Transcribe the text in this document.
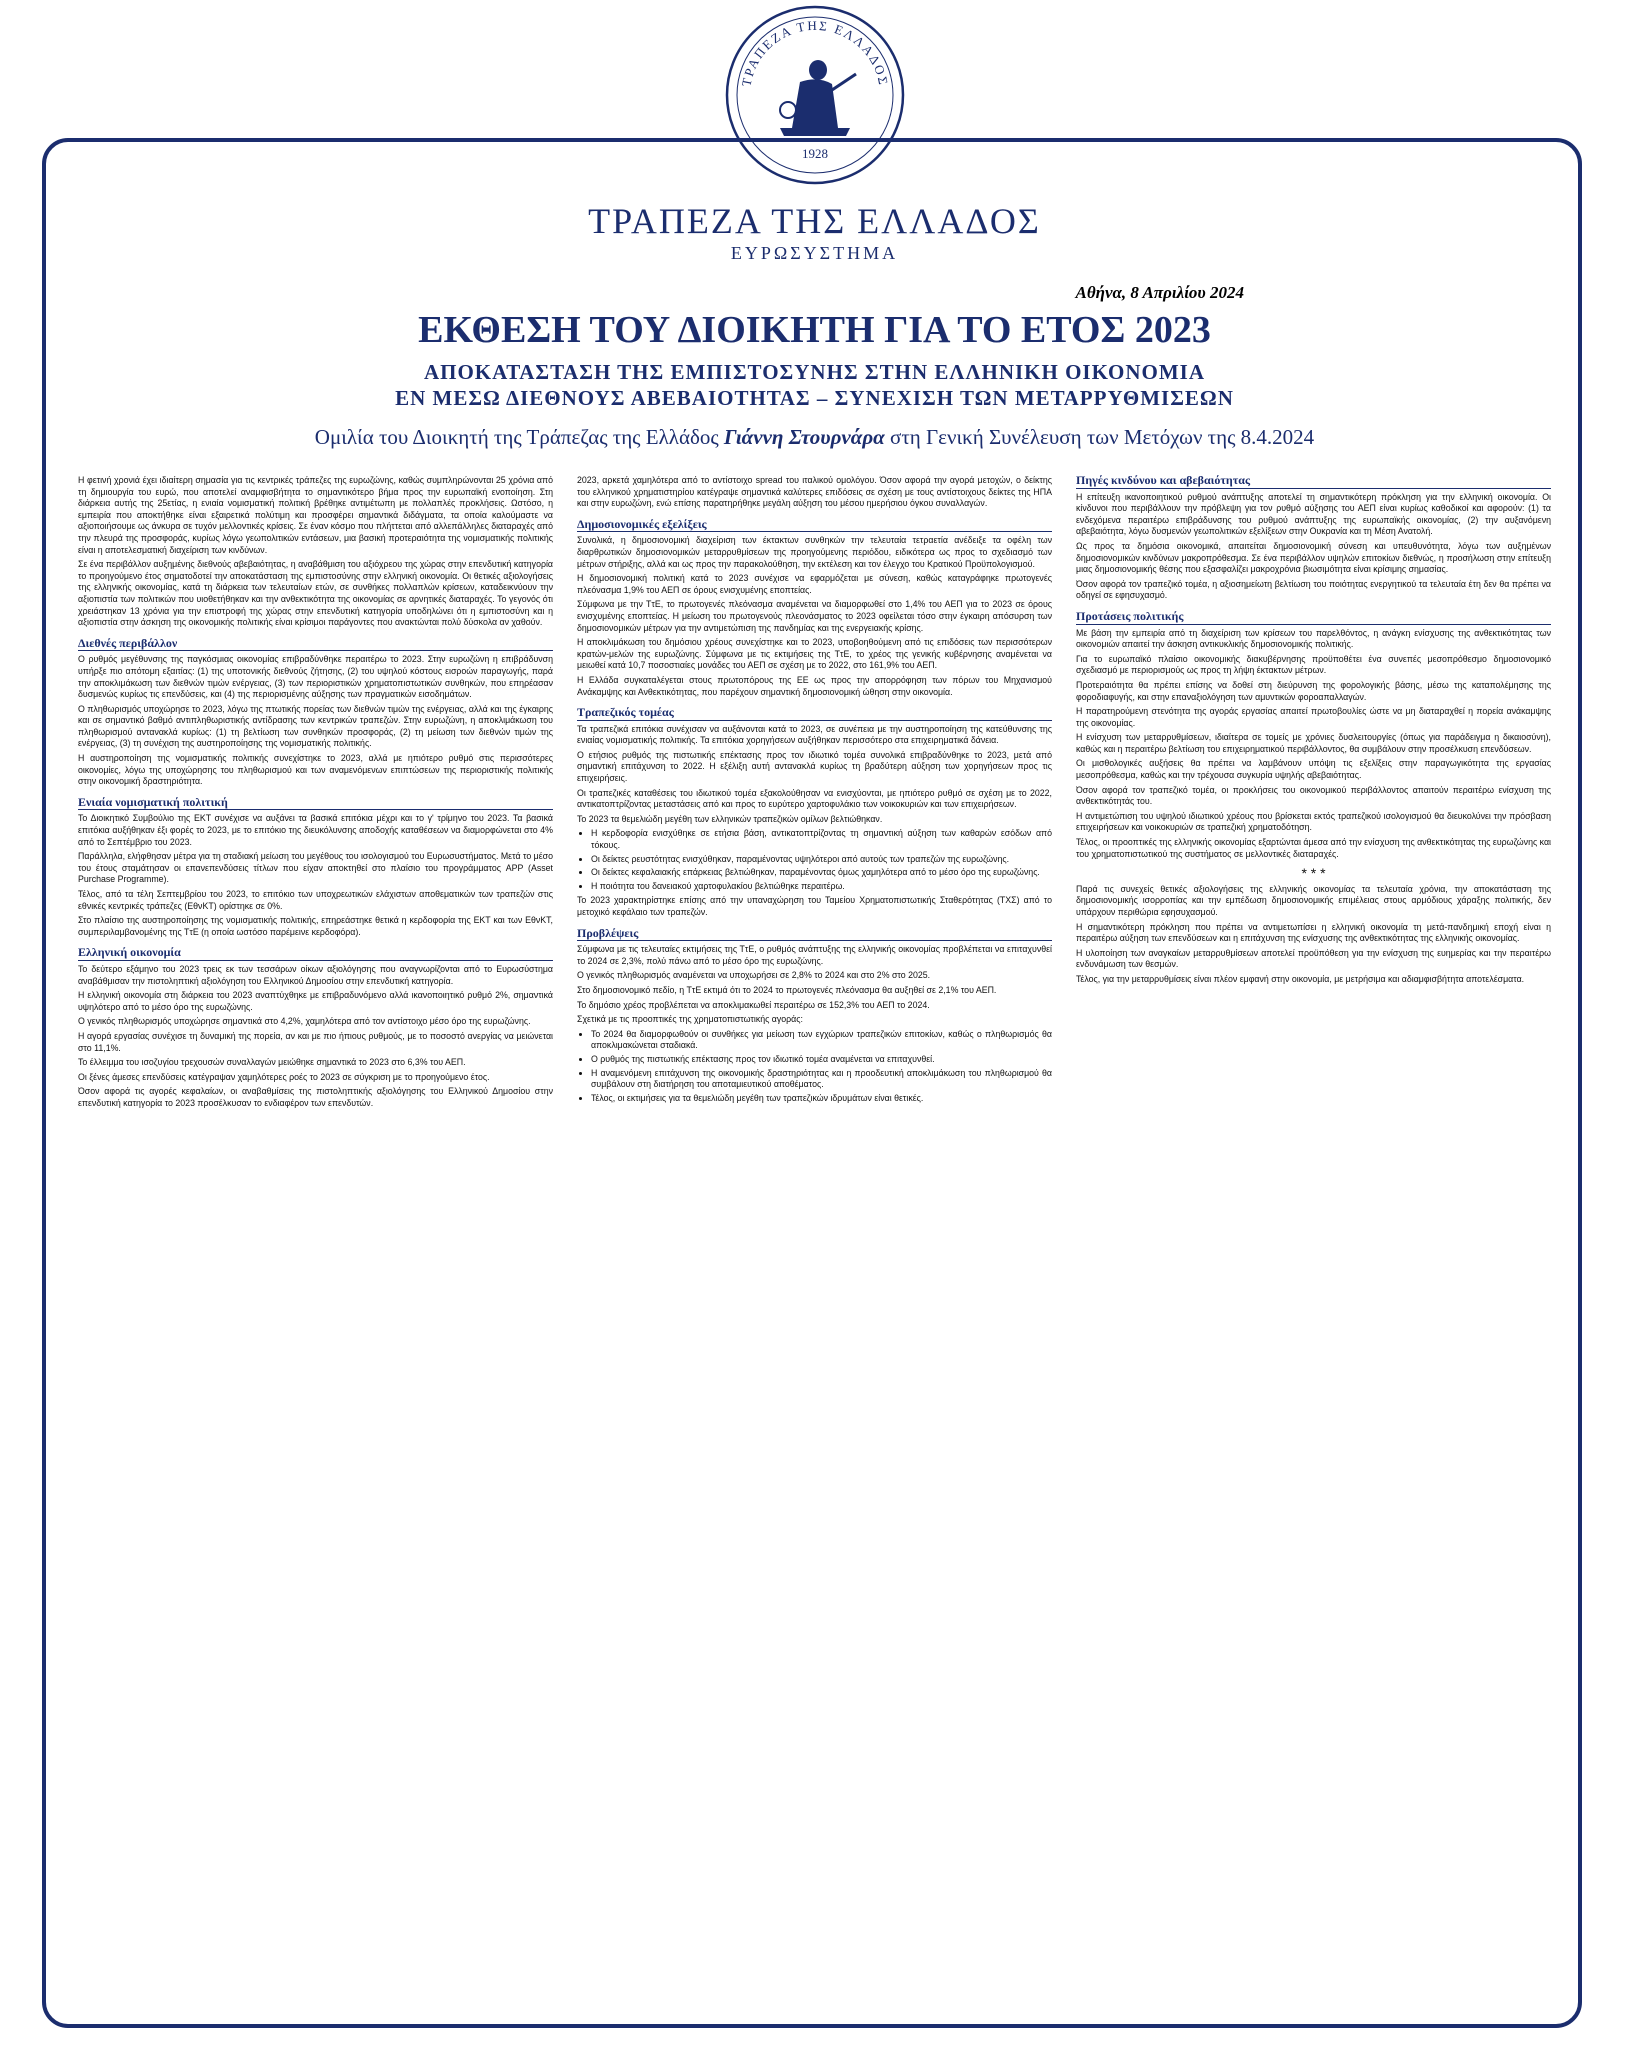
ΤΡΑΠΕΖΑ ΤΗΣ ΕΛΛΑΔΟΣ
1928
ΤΡΑΠΕΖΑ ΤΗΣ ΕΛΛΑΔΟΣ
ΕΥΡΩΣΥΣΤΗΜΑ
Αθήνα, 8 Απριλίου 2024
ΕΚΘΕΣΗ ΤΟΥ ΔΙΟΙΚΗΤΗ ΓΙΑ ΤΟ ΕΤΟΣ 2023
ΑΠΟΚΑΤΑΣΤΑΣΗ ΤΗΣ ΕΜΠΙΣΤΟΣΥΝΗΣ ΣΤΗΝ ΕΛΛΗΝΙΚΗ ΟΙΚΟΝΟΜΙΑ
ΕΝ ΜΕΣΩ ΔΙΕΘΝΟΥΣ ΑΒΕΒΑΙΟΤΗΤΑΣ – ΣΥΝΕΧΙΣΗ ΤΩΝ ΜΕΤΑΡΡΥΘΜΙΣΕΩΝ
Ομιλία του Διοικητή της Τράπεζας της Ελλάδος Γιάννη Στουρνάρα στη Γενική Συνέλευση των Μετόχων της 8.4.2024

Η φετινή χρονιά έχει ιδιαίτερη σημασία για τις κεντρικές τράπεζες της ευρωζώνης, καθώς συμπληρώνονται 25 χρόνια από τη δημιουργία του ευρώ, που αποτελεί αναμφισβήτητα το σημαντικότερο βήμα προς την ευρωπαϊκή ενοποίηση. Στη διάρκεια αυτής της 25ετίας, η ενιαία νομισματική πολιτική βρέθηκε αντιμέτωπη με πολλαπλές προκλήσεις. Ωστόσο, η εμπειρία που αποκτήθηκε είναι εξαιρετικά πολύτιμη και προσφέρει σημαντικά διδάγματα, τα οποία καλούμαστε να αξιοποιήσουμε ως άνκυρα σε τυχόν μελλοντικές κρίσεις. Σε έναν κόσμο που πλήττεται από αλλεπάλληλες διαταραχές από την πλευρά της προσφοράς, κυρίως λόγω γεωπολιτικών εντάσεων, μια βασική προτεραιότητα της νομισματικής πολιτικής είναι η αποτελεσματική διαχείριση των κινδύνων.

Σε ένα περιβάλλον αυξημένης διεθνούς αβεβαιότητας, η αναβάθμιση του αξιόχρεου της χώρας στην επενδυτική κατηγορία το προηγούμενο έτος σηματοδοτεί την αποκατάσταση της εμπιστοσύνης στην ελληνική οικονομία. Οι θετικές αξιολογήσεις της ελληνικής οικονομίας, κατά τη διάρκεια των τελευταίων ετών, σε συνθήκες πολλαπλών κρίσεων, καταδεικνύουν την αξιοπιστία των πολιτικών που υιοθετήθηκαν και την ανθεκτικότητα της οικονομίας σε αρνητικές διαταραχές. Το γεγονός ότι χρειάστηκαν 13 χρόνια για την επιστροφή της χώρας στην επενδυτική κατηγορία υποδηλώνει ότι η εμπιστοσύνη και η αξιοπιστία στην άσκηση της οικονομικής πολιτικής είναι κρίσιμοι παράγοντες που ανακτώνται πολύ δύσκολα αν χαθούν.

Διεθνές περιβάλλον

Ο ρυθμός μεγέθυνσης της παγκόσμιας οικονομίας επιβραδύνθηκε περαιτέρω το 2023. Στην ευρωζώνη η επιβράδυνση υπήρξε πιο απότομη εξαιτίας: (1) της υποτονικής διεθνούς ζήτησης, (2) του υψηλού κόστους εισροών παραγωγής, παρά την αποκλιμάκωση των διεθνών τιμών ενέργειας, (3) των περιοριστικών χρηματοπιστωτικών συνθηκών, που επηρέασαν δυσμενώς κυρίως τις επενδύσεις, και (4) της περιορισμένης αύξησης των πραγματικών εισοδημάτων.

Ο πληθωρισμός υποχώρησε το 2023, λόγω της πτωτικής πορείας των διεθνών τιμών της ενέργειας, αλλά και της έγκαιρης και σε σημαντικό βαθμό αντιπληθωριστικής αντίδρασης των κεντρικών τραπεζών. Στην ευρωζώνη, η αποκλιμάκωση του πληθωρισμού αντανακλά κυρίως: (1) τη βελτίωση των συνθηκών προσφοράς, (2) τη μείωση των διεθνών τιμών της ενέργειας, (3) τη συνέχιση της αυστηροποίησης της νομισματικής πολιτικής.

Η αυστηροποίηση της νομισματικής πολιτικής συνεχίστηκε το 2023, αλλά με ηπιότερο ρυθμό στις περισσότερες οικονομίες, λόγω της υποχώρησης του πληθωρισμού και των αναμενόμενων επιπτώσεων της περιοριστικής πολιτικής στην οικονομική δραστηριότητα.

Ενιαία νομισματική πολιτική

Το Διοικητικό Συμβούλιο της ΕΚΤ συνέχισε να αυξάνει τα βασικά επιτόκια μέχρι και το γ' τρίμηνο του 2023. Τα βασικά επιτόκια αυξήθηκαν έξι φορές το 2023, με το επιτόκιο της διευκόλυνσης αποδοχής καταθέσεων να διαμορφώνεται στο 4% από το Σεπτέμβριο του 2023.

Παράλληλα, ελήφθησαν μέτρα για τη σταδιακή μείωση του μεγέθους του ισολογισμού του Ευρωσυστήματος. Μετά το μέσο του έτους σταμάτησαν οι επανεπενδύσεις τίτλων που είχαν αποκτηθεί στο πλαίσιο του προγράμματος APP (Asset Purchase Programme).

Τέλος, από τα τέλη Σεπτεμβρίου του 2023, το επιτόκιο των υποχρεωτικών ελάχιστων αποθεματικών των τραπεζών στις εθνικές κεντρικές τράπεζες (ΕθνΚΤ) ορίστηκε σε 0%.

Στο πλαίσιο της αυστηροποίησης της νομισματικής πολιτικής, επηρεάστηκε θετικά η κερδοφορία της ΕΚΤ και των ΕθνΚΤ, συμπεριλαμβανομένης της ΤτΕ (η οποία ωστόσο παρέμεινε κερδοφόρα).

Ελληνική οικονομία

Το δεύτερο εξάμηνο του 2023 τρεις εκ των τεσσάρων οίκων αξιολόγησης που αναγνωρίζονται από το Ευρωσύστημα αναβάθμισαν την πιστοληπτική αξιολόγηση του Ελληνικού Δημοσίου στην επενδυτική κατηγορία.

Η ελληνική οικονομία στη διάρκεια του 2023 αναπτύχθηκε με επιβραδυνόμενο αλλά ικανοποιητικό ρυθμό 2%, σημαντικά υψηλότερο από το μέσο όρο της ευρωζώνης.

Ο γενικός πληθωρισμός υποχώρησε σημαντικά στο 4,2%, χαμηλότερα από τον αντίστοιχο μέσο όρο της ευρωζώνης.

Η αγορά εργασίας συνέχισε τη δυναμική της πορεία, αν και με πιο ήπιους ρυθμούς, με το ποσοστό ανεργίας να μειώνεται στο 11,1%.

Το έλλειμμα του ισοζυγίου τρεχουσών συναλλαγών μειώθηκε σημαντικά το 2023 στο 6,3% του ΑΕΠ.

Οι ξένες άμεσες επενδύσεις κατέγραψαν χαμηλότερες ροές το 2023 σε σύγκριση με το προηγούμενο έτος.

Όσον αφορά τις αγορές κεφαλαίων, οι αναβαθμίσεις της πιστοληπτικής αξιολόγησης του Ελληνικού Δημοσίου στην επενδυτική κατηγορία το 2023 προσέλκυσαν το ενδιαφέρον των επενδυτών.

2023, αρκετά χαμηλότερα από το αντίστοιχο spread του ιταλικού ομολόγου. Όσον αφορά την αγορά μετοχών, ο δείκτης του ελληνικού χρηματιστηρίου κατέγραψε σημαντικά καλύτερες επιδόσεις σε σχέση με τους αντίστοιχους δείκτες της ΗΠΑ και στην ευρωζώνη, ενώ επίσης παρατηρήθηκε μεγάλη αύξηση του μέσου ημερήσιου όγκου συναλλαγών.

Δημοσιονομικές εξελίξεις

Συνολικά, η δημοσιονομική διαχείριση των έκτακτων συνθηκών την τελευταία τετραετία ανέδειξε τα οφέλη των διαρθρωτικών δημοσιονομικών μεταρρυθμίσεων της προηγούμενης περιόδου, ειδικότερα ως προς το σχεδιασμό των μέτρων στήριξης, αλλά και ως προς την παρακολούθηση, την εκτέλεση και τον έλεγχο του Κρατικού Προϋπολογισμού.

Η δημοσιονομική πολιτική κατά το 2023 συνέχισε να εφαρμόζεται με σύνεση, καθώς καταγράφηκε πρωτογενές πλεόνασμα 1,9% του ΑΕΠ σε όρους ενισχυμένης εποπτείας.

Σύμφωνα με την ΤτΕ, το πρωτογενές πλεόνασμα αναμένεται να διαμορφωθεί στο 1,4% του ΑΕΠ για το 2023 σε όρους ενισχυμένης εποπτείας. Η μείωση του πρωτογενούς πλεονάσματος το 2023 οφείλεται τόσο στην έγκαιρη απόσυρση των δημοσιονομικών μέτρων για την αντιμετώπιση της πανδημίας και της ενεργειακής κρίσης.

Η αποκλιμάκωση του δημόσιου χρέους συνεχίστηκε και το 2023, υποβοηθούμενη από τις επιδόσεις των περισσότερων κρατών-μελών της ευρωζώνης. Σύμφωνα με τις εκτιμήσεις της ΤτΕ, το χρέος της γενικής κυβέρνησης αναμένεται να μειωθεί κατά 10,7 ποσοστιαίες μονάδες του ΑΕΠ σε σχέση με το 2022, στο 161,9% του ΑΕΠ.

Η Ελλάδα συγκαταλέγεται στους πρωτοπόρους της ΕΕ ως προς την απορρόφηση των πόρων του Μηχανισμού Ανάκαμψης και Ανθεκτικότητας, που παρέχουν σημαντική δημοσιονομική ώθηση στην οικονομία.

Τραπεζικός τομέας

Τα τραπεζικά επιτόκια συνέχισαν να αυξάνονται κατά το 2023, σε συνέπεια με την αυστηροποίηση της κατεύθυνσης της ενιαίας νομισματικής πολιτικής. Τα επιτόκια χορηγήσεων αυξήθηκαν περισσότερο στα επιχειρηματικά δάνεια.

Ο ετήσιος ρυθμός της πιστωτικής επέκτασης προς τον ιδιωτικό τομέα συνολικά επιβραδύνθηκε το 2023, μετά από σημαντική επιτάχυνση το 2022. Η εξέλιξη αυτή αντανακλά κυρίως τη βραδύτερη αύξηση των χορηγήσεων προς τις επιχειρήσεις.

Οι τραπεζικές καταθέσεις του ιδιωτικού τομέα εξακολούθησαν να ενισχύονται, με ηπιότερο ρυθμό σε σχέση με το 2022, αντικατοπτρίζοντας μεταστάσεις από και προς το ευρύτερο χαρτοφυλάκιο των νοικοκυριών και των επιχειρήσεων.

Το 2023 τα θεμελιώδη μεγέθη των ελληνικών τραπεζικών ομίλων βελτιώθηκαν.

• Η κερδοφορία ενισχύθηκε σε ετήσια βάση, αντικατοπτρίζοντας τη σημαντική αύξηση των καθαρών εσόδων από τόκους.
• Οι δείκτες ρευστότητας ενισχύθηκαν, παραμένοντας υψηλότεροι από αυτούς των τραπεζών της ευρωζώνης.
• Οι δείκτες κεφαλαιακής επάρκειας βελτιώθηκαν, παραμένοντας όμως χαμηλότερα από το μέσο όρο της ευρωζώνης.
• Η ποιότητα του δανειακού χαρτοφυλακίου βελτιώθηκε περαιτέρω.

Το 2023 χαρακτηρίστηκε επίσης από την υπαναχώρηση του Ταμείου Χρηματοπιστωτικής Σταθερότητας (ΤΧΣ) από το μετοχικό κεφάλαιο των τραπεζών.

Προβλέψεις

Σύμφωνα με τις τελευταίες εκτιμήσεις της ΤτΕ, ο ρυθμός ανάπτυξης της ελληνικής οικονομίας προβλέπεται να επιταχυνθεί το 2024 σε 2,3%, πολύ πάνω από το μέσο όρο της ευρωζώνης.

Ο γενικός πληθωρισμός αναμένεται να υποχωρήσει σε 2,8% το 2024 και στο 2% στο 2025.

Στο δημοσιονομικό πεδίο, η ΤτΕ εκτιμά ότι το 2024 το πρωτογενές πλεόνασμα θα αυξηθεί σε 2,1% του ΑΕΠ.

Το δημόσιο χρέος προβλέπεται να αποκλιμακωθεί περαιτέρω σε 152,3% του ΑΕΠ το 2024.

Σχετικά με τις προοπτικές της χρηματοπιστωτικής αγοράς:

• Το 2024 θα διαμορφωθούν οι συνθήκες για μείωση των εγχώριων τραπεζικών επιτοκίων, καθώς ο πληθωρισμός θα αποκλιμακώνεται σταδιακά.
• Ο ρυθμός της πιστωτικής επέκτασης προς τον ιδιωτικό τομέα αναμένεται να επιταχυνθεί.
• Η αναμενόμενη επιτάχυνση της οικονομικής δραστηριότητας και η προοδευτική αποκλιμάκωση του πληθωρισμού θα συμβάλουν στη διατήρηση του αποταμιευτικού αποθέματος.
• Τέλος, οι εκτιμήσεις για τα θεμελιώδη μεγέθη των τραπεζικών ιδρυμάτων είναι θετικές.
Πηγές κινδύνου και αβεβαιότητας

Η επίτευξη ικανοποιητικού ρυθμού ανάπτυξης αποτελεί τη σημαντικότερη πρόκληση για την ελληνική οικονομία. Οι κίνδυνοι που περιβάλλουν την πρόβλεψη για τον ρυθμό αύξησης του ΑΕΠ είναι κυρίως καθοδικοί και αφορούν: (1) τα ενδεχόμενα περαιτέρω επιβράδυνσης του ρυθμού ανάπτυξης της ευρωπαϊκής οικονομίας, (2) την αυξανόμενη αβεβαιότητα, λόγω δυσμενών γεωπολιτικών εξελίξεων στην Ουκρανία και τη Μέση Ανατολή.

Ως προς τα δημόσια οικονομικά, απαιτείται δημοσιονομική σύνεση και υπευθυνότητα, λόγω των αυξημένων δημοσιονομικών κινδύνων μακροπρόθεσμα. Σε ένα περιβάλλον υψηλών επιτοκίων διεθνώς, η προσήλωση στην επίτευξη μιας δημοσιονομικής θέσης που εξασφαλίζει μακροχρόνια βιωσιμότητα είναι κρίσιμης σημασίας.

Όσον αφορά τον τραπεζικό τομέα, η αξιοσημείωτη βελτίωση του ποιότητας ενεργητικού τα τελευταία έτη δεν θα πρέπει να οδηγεί σε εφησυχασμό.

Προτάσεις πολιτικής

Με βάση την εμπειρία από τη διαχείριση των κρίσεων του παρελθόντος, η ανάγκη ενίσχυσης της ανθεκτικότητας των οικονομιών απαιτεί την άσκηση αντικυκλικής δημοσιονομικής πολιτικής.

Για το ευρωπαϊκό πλαίσιο οικονομικής διακυβέρνησης προϋποθέτει ένα συνεπές μεσοπρόθεσμο δημοσιονομικό σχεδιασμό με περιορισμούς ως προς τη λήψη έκτακτων μέτρων.

Προτεραιότητα θα πρέπει επίσης να δοθεί στη διεύρυνση της φορολογικής βάσης, μέσω της καταπολέμησης της φοροδιαφυγής, και στην επαναξιολόγηση των αμυντικών φοροαπαλλαγών.

Η παρατηρούμενη στενότητα της αγοράς εργασίας απαιτεί πρωτοβουλίες ώστε να μη διαταραχθεί η πορεία ανάκαμψης της οικονομίας.

Η ενίσχυση των μεταρρυθμίσεων, ιδιαίτερα σε τομείς με χρόνιες δυσλειτουργίες (όπως για παράδειγμα η δικαιοσύνη), καθώς και η περαιτέρω βελτίωση του επιχειρηματικού περιβάλλοντος, θα συμβάλουν στην προσέλκυση επενδύσεων.

Οι μισθολογικές αυξήσεις θα πρέπει να λαμβάνουν υπόψη τις εξελίξεις στην παραγωγικότητα της εργασίας μεσοπρόθεσμα, καθώς και την τρέχουσα συγκυρία υψηλής αβεβαιότητας.

Όσον αφορά τον τραπεζικό τομέα, οι προκλήσεις του οικονομικού περιβάλλοντος απαιτούν περαιτέρω ενίσχυση της ανθεκτικότητάς του.

Η αντιμετώπιση του υψηλού ιδιωτικού χρέους που βρίσκεται εκτός τραπεζικού ισολογισμού θα διευκολύνει την πρόσβαση επιχειρήσεων και νοικοκυριών σε τραπεζική χρηματοδότηση.

Τέλος, οι προοπτικές της ελληνικής οικονομίας εξαρτώνται άμεσα από την ενίσχυση της ανθεκτικότητας της ευρωζώνης και του χρηματοπιστωτικού της συστήματος σε μελλοντικές διαταραχές.

* * *

Παρά τις συνεχείς θετικές αξιολογήσεις της ελληνικής οικονομίας τα τελευταία χρόνια, την αποκατάσταση της δημοσιονομικής ισορροπίας και την εμπέδωση δημοσιονομικής επιμέλειας στους αρμόδιους χάραξης πολιτικής, δεν υπάρχουν περιθώρια εφησυχασμού.

Η σημαντικότερη πρόκληση που πρέπει να αντιμετωπίσει η ελληνική οικονομία τη μετά-πανδημική εποχή είναι η περαιτέρω αύξηση των επενδύσεων και η επιτάχυνση της ενίσχυσης της ανθεκτικότητας της ελληνικής οικονομίας.

Η υλοποίηση των αναγκαίων μεταρρυθμίσεων αποτελεί προϋπόθεση για την ενίσχυση της ευημερίας και την περαιτέρω ενδυνάμωση των θεσμών.

Τέλος, για την μεταρρυθμίσεις είναι πλέον εμφανή στην οικονομία, με μετρήσιμα και αδιαμφισβήτητα αποτελέσματα.
